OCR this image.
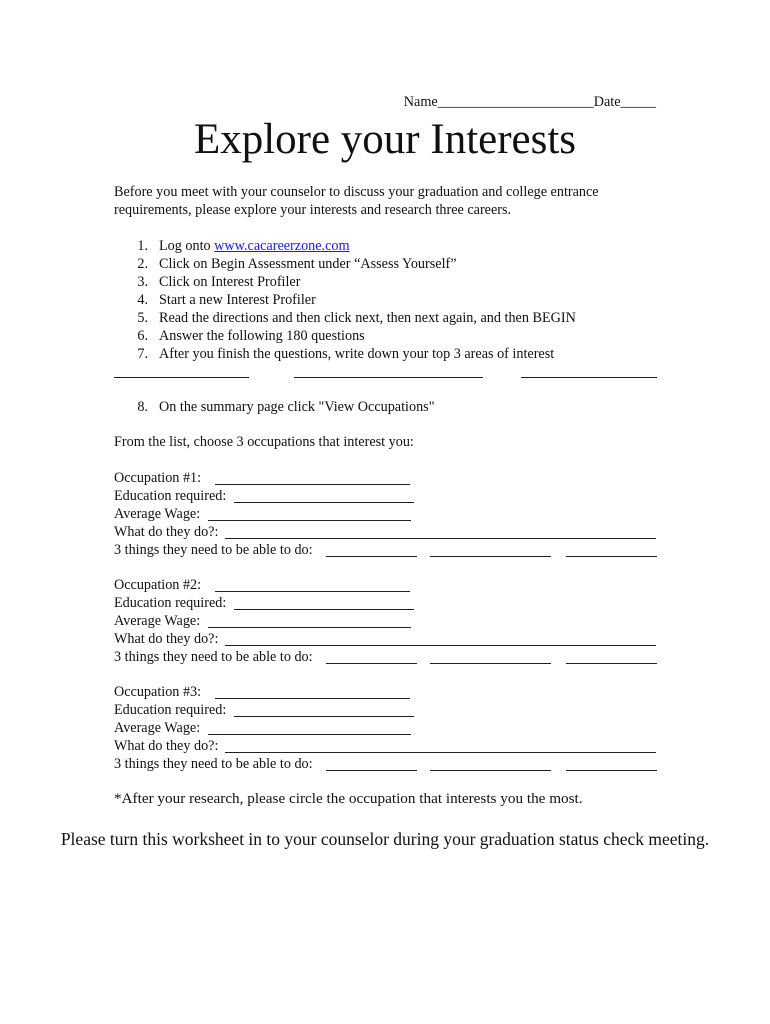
Name______________________Date_____
Explore your Interests
Before you meet with your counselor to discuss your graduation and college entrance requirements, please explore your interests and research three careers.
1. Log onto www.cacareerzone.com
2. Click on Begin Assessment under “Assess Yourself”
3. Click on Interest Profiler
4. Start a new Interest Profiler
5. Read the directions and then click next, then next again, and then BEGIN
6. Answer the following 180 questions
7. After you finish the questions, write down your top 3 areas of interest
8. On the summary page click "View Occupations"
From the list, choose 3 occupations that interest you:
Occupation #1:
Education required:
Average Wage:
What do they do?:
3 things they need to be able to do:
Occupation #2:
Education required:
Average Wage:
What do they do?:
3 things they need to be able to do:
Occupation #3:
Education required:
Average Wage:
What do they do?:
3 things they need to be able to do:
*After your research, please circle the occupation that interests you the most.
Please turn this worksheet in to your counselor during your graduation status check meeting.
